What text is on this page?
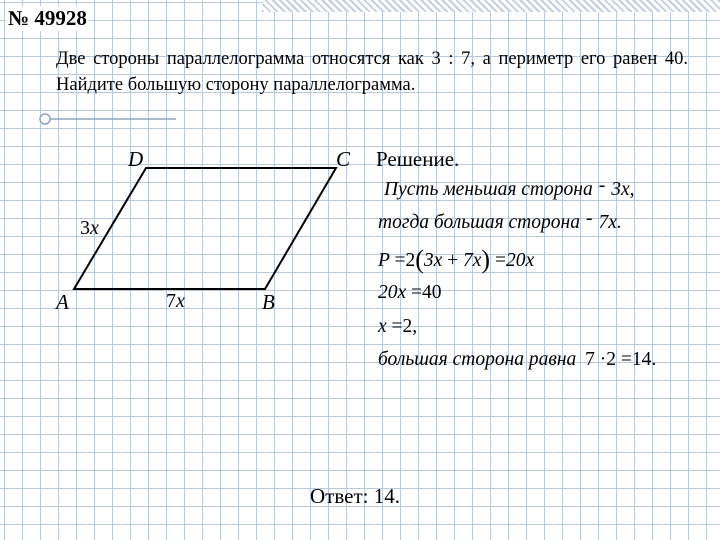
№ 49928
Две стороны параллелограмма относятся как 3 : 7, а периметр его равен 40. Найдите большую сторону параллелограмма.
D	C
A	B
3x
7x
Решение.
Пусть меньшая сторона - 3x,
тогда большая сторона - 7x.
P =2(3x + 7x) =20x
20x =40
x =2,
большая сторона равна 7 ·2 =14.
Ответ: 14.
